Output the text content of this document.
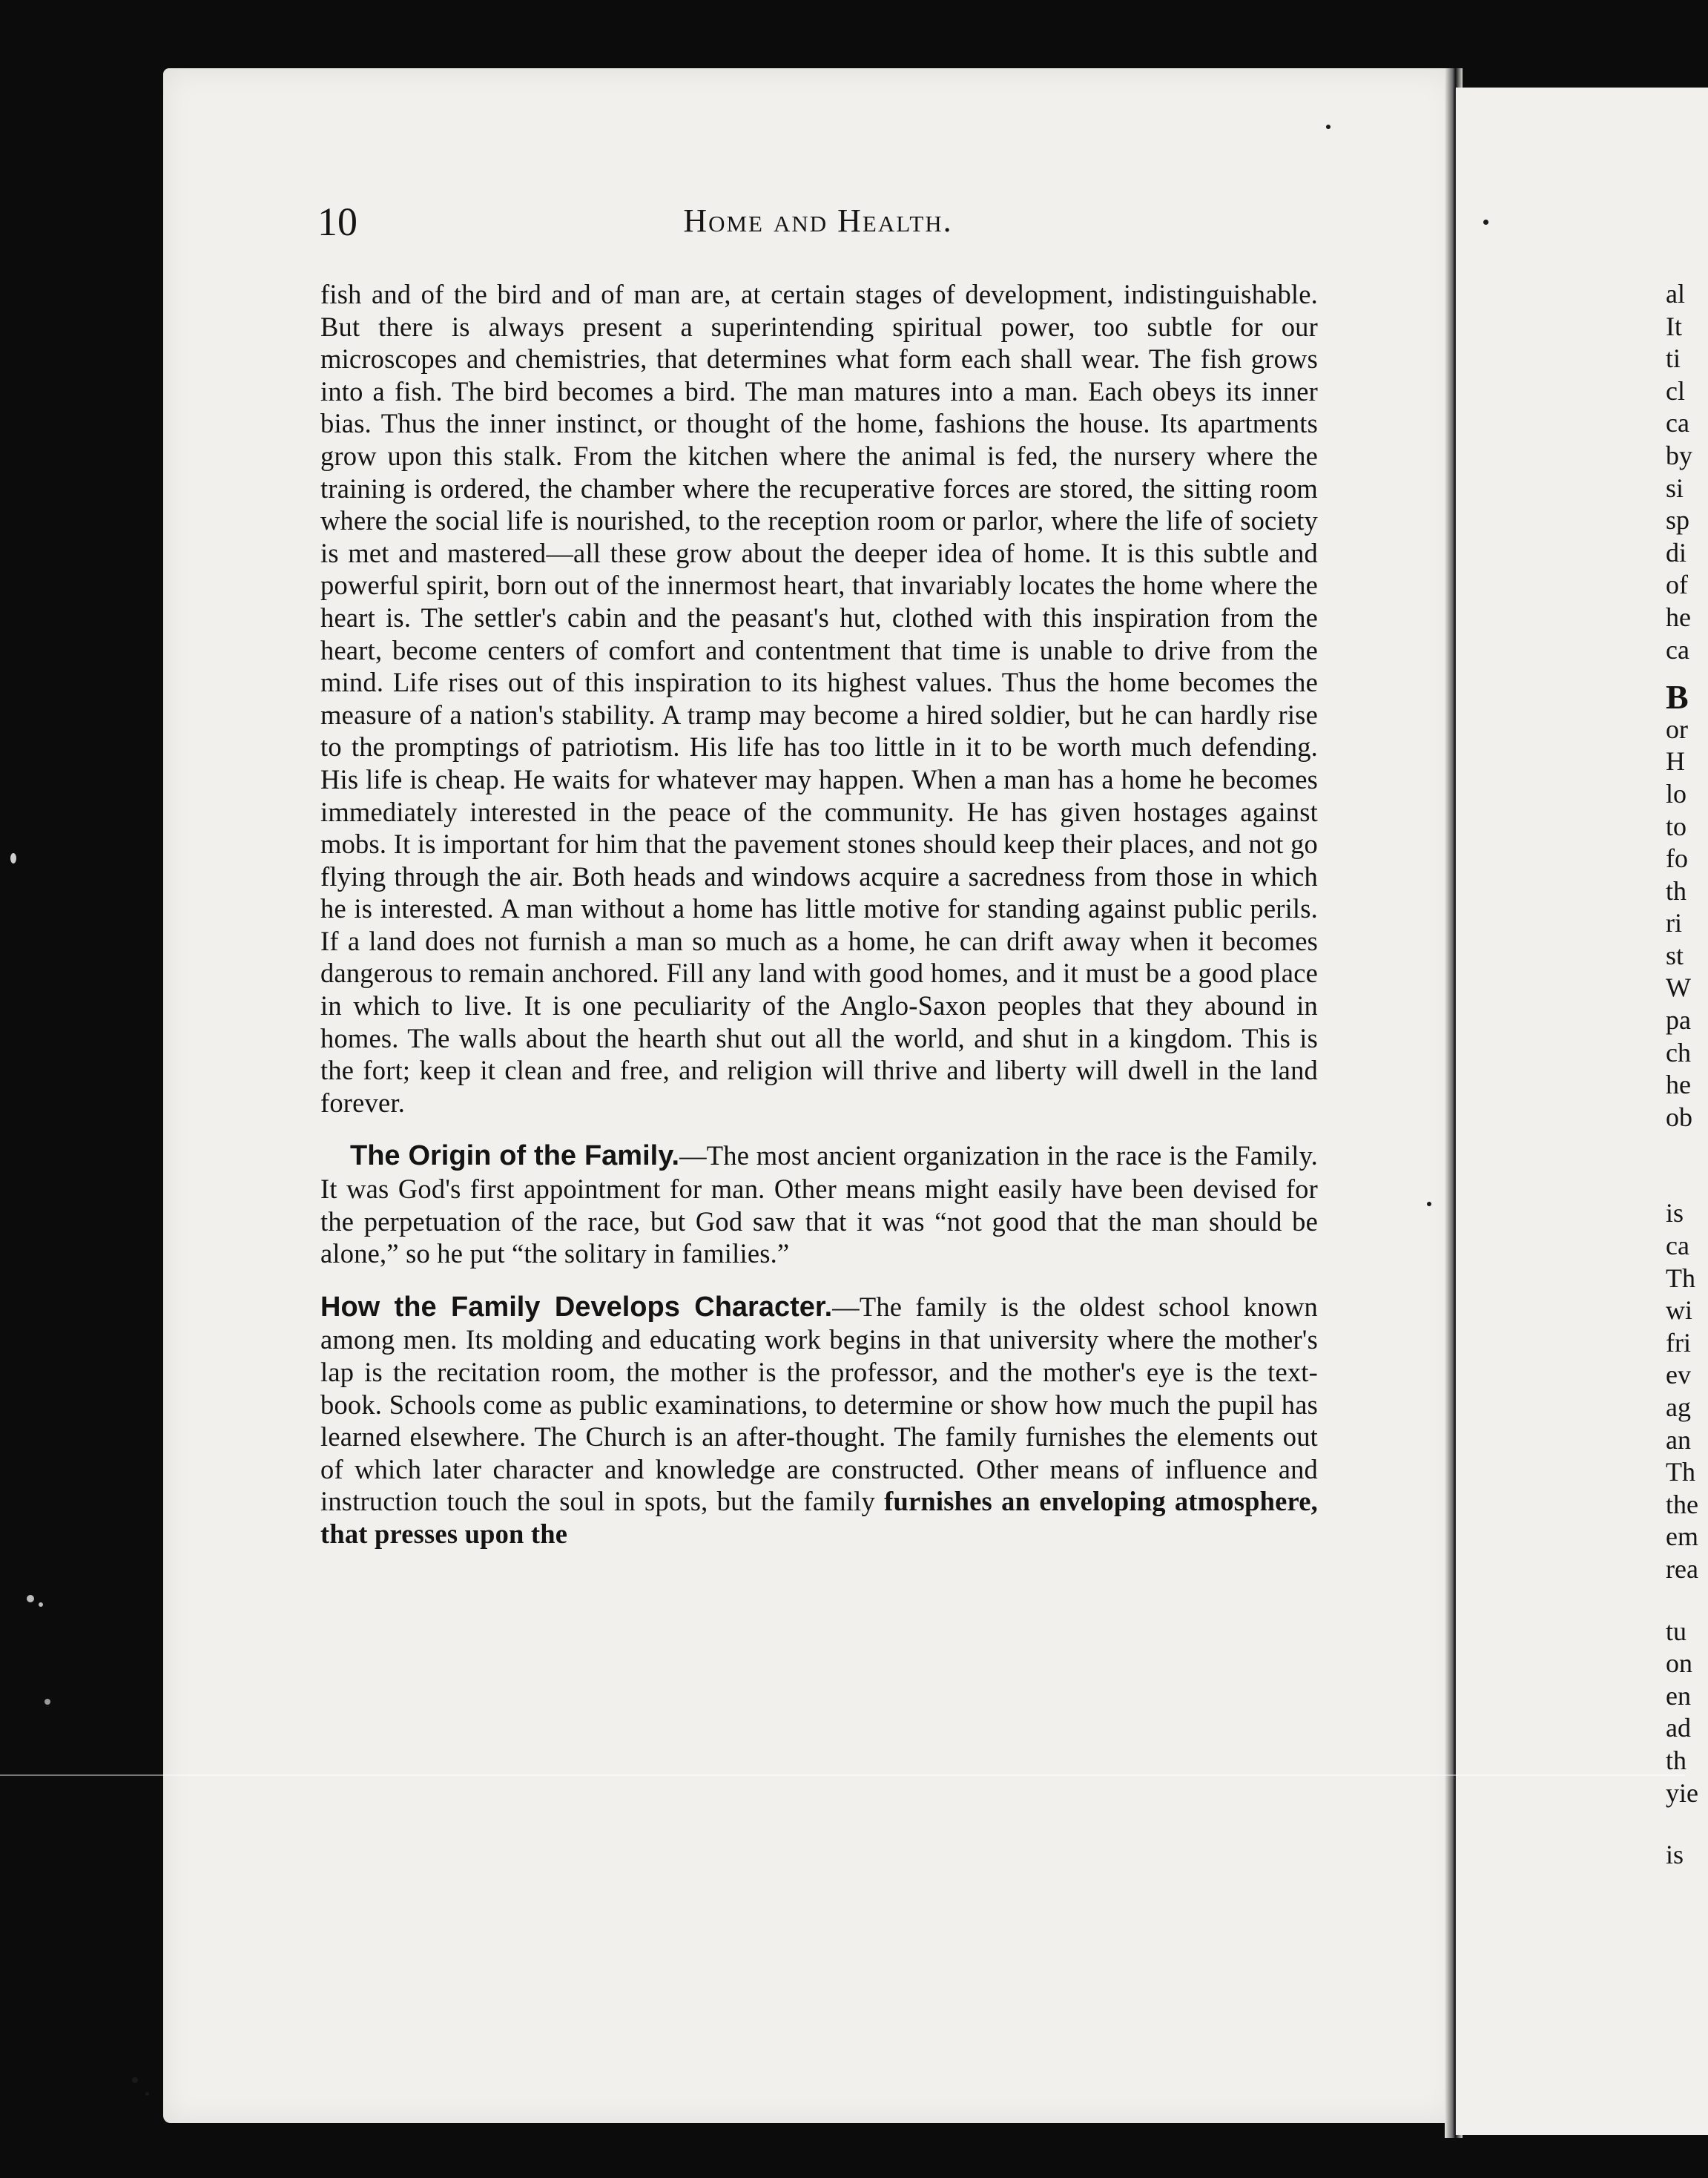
10	Home and Health.

fish and of the bird and of man are, at certain stages of development, indistinguishable. But there is always present a superintending spiritual power, too subtle for our microscopes and chemistries, that determines what form each shall wear. The fish grows into a fish. The bird becomes a bird. The man matures into a man. Each obeys its inner bias. Thus the inner instinct, or thought of the home, fashions the house. Its apartments grow upon this stalk. From the kitchen where the animal is fed, the nursery where the training is ordered, the chamber where the recuperative forces are stored, the sitting room where the social life is nourished, to the reception room or parlor, where the life of society is met and mastered—all these grow about the deeper idea of home. It is this subtle and powerful spirit, born out of the innermost heart, that invariably locates the home where the heart is. The settler's cabin and the peasant's hut, clothed with this inspiration from the heart, become centers of comfort and contentment that time is unable to drive from the mind. Life rises out of this inspiration to its highest values. Thus the home becomes the measure of a nation's stability. A tramp may become a hired soldier, but he can hardly rise to the promptings of patriotism. His life has too little in it to be worth much defending. His life is cheap. He waits for whatever may happen. When a man has a home he becomes immediately interested in the peace of the community. He has given hostages against mobs. It is important for him that the pavement stones should keep their places, and not go flying through the air. Both heads and windows acquire a sacredness from those in which he is interested. A man without a home has little motive for standing against public perils. If a land does not furnish a man so much as a home, he can drift away when it becomes dangerous to remain anchored. Fill any land with good homes, and it must be a good place in which to live. It is one peculiarity of the Anglo-Saxon peoples that they abound in homes. The walls about the hearth shut out all the world, and shut in a kingdom. This is the fort; keep it clean and free, and religion will thrive and liberty will dwell in the land forever.

The Origin of the Family.—The most ancient organization in the race is the Family. It was God's first appointment for man. Other means might easily have been devised for the perpetuation of the race, but God saw that it was “not good that the man should be alone,” so he put “the solitary in families.”

How the Family Develops Character.—The family is the oldest school known among men. Its molding and educating work begins in that university where the mother's lap is the recitation room, the mother is the professor, and the mother's eye is the text-book. Schools come as public examinations, to determine or show how much the pupil has learned elsewhere. The Church is an after-thought. The family furnishes the elements out of which later character and knowledge are constructed. Other means of influence and instruction touch the soul in spots, but the family furnishes an enveloping atmosphere, that presses upon the

al
It
ti
cl
ca
by
si
sp
di
of
he
ca
B
or
H
lo
to
fo
th
ri
st
W
pa
ch
he
ob
is
ca
Th
wi
fri
ev
ag
an
Th
the
em
rea
tu
on
en
ad
th
yie
is
